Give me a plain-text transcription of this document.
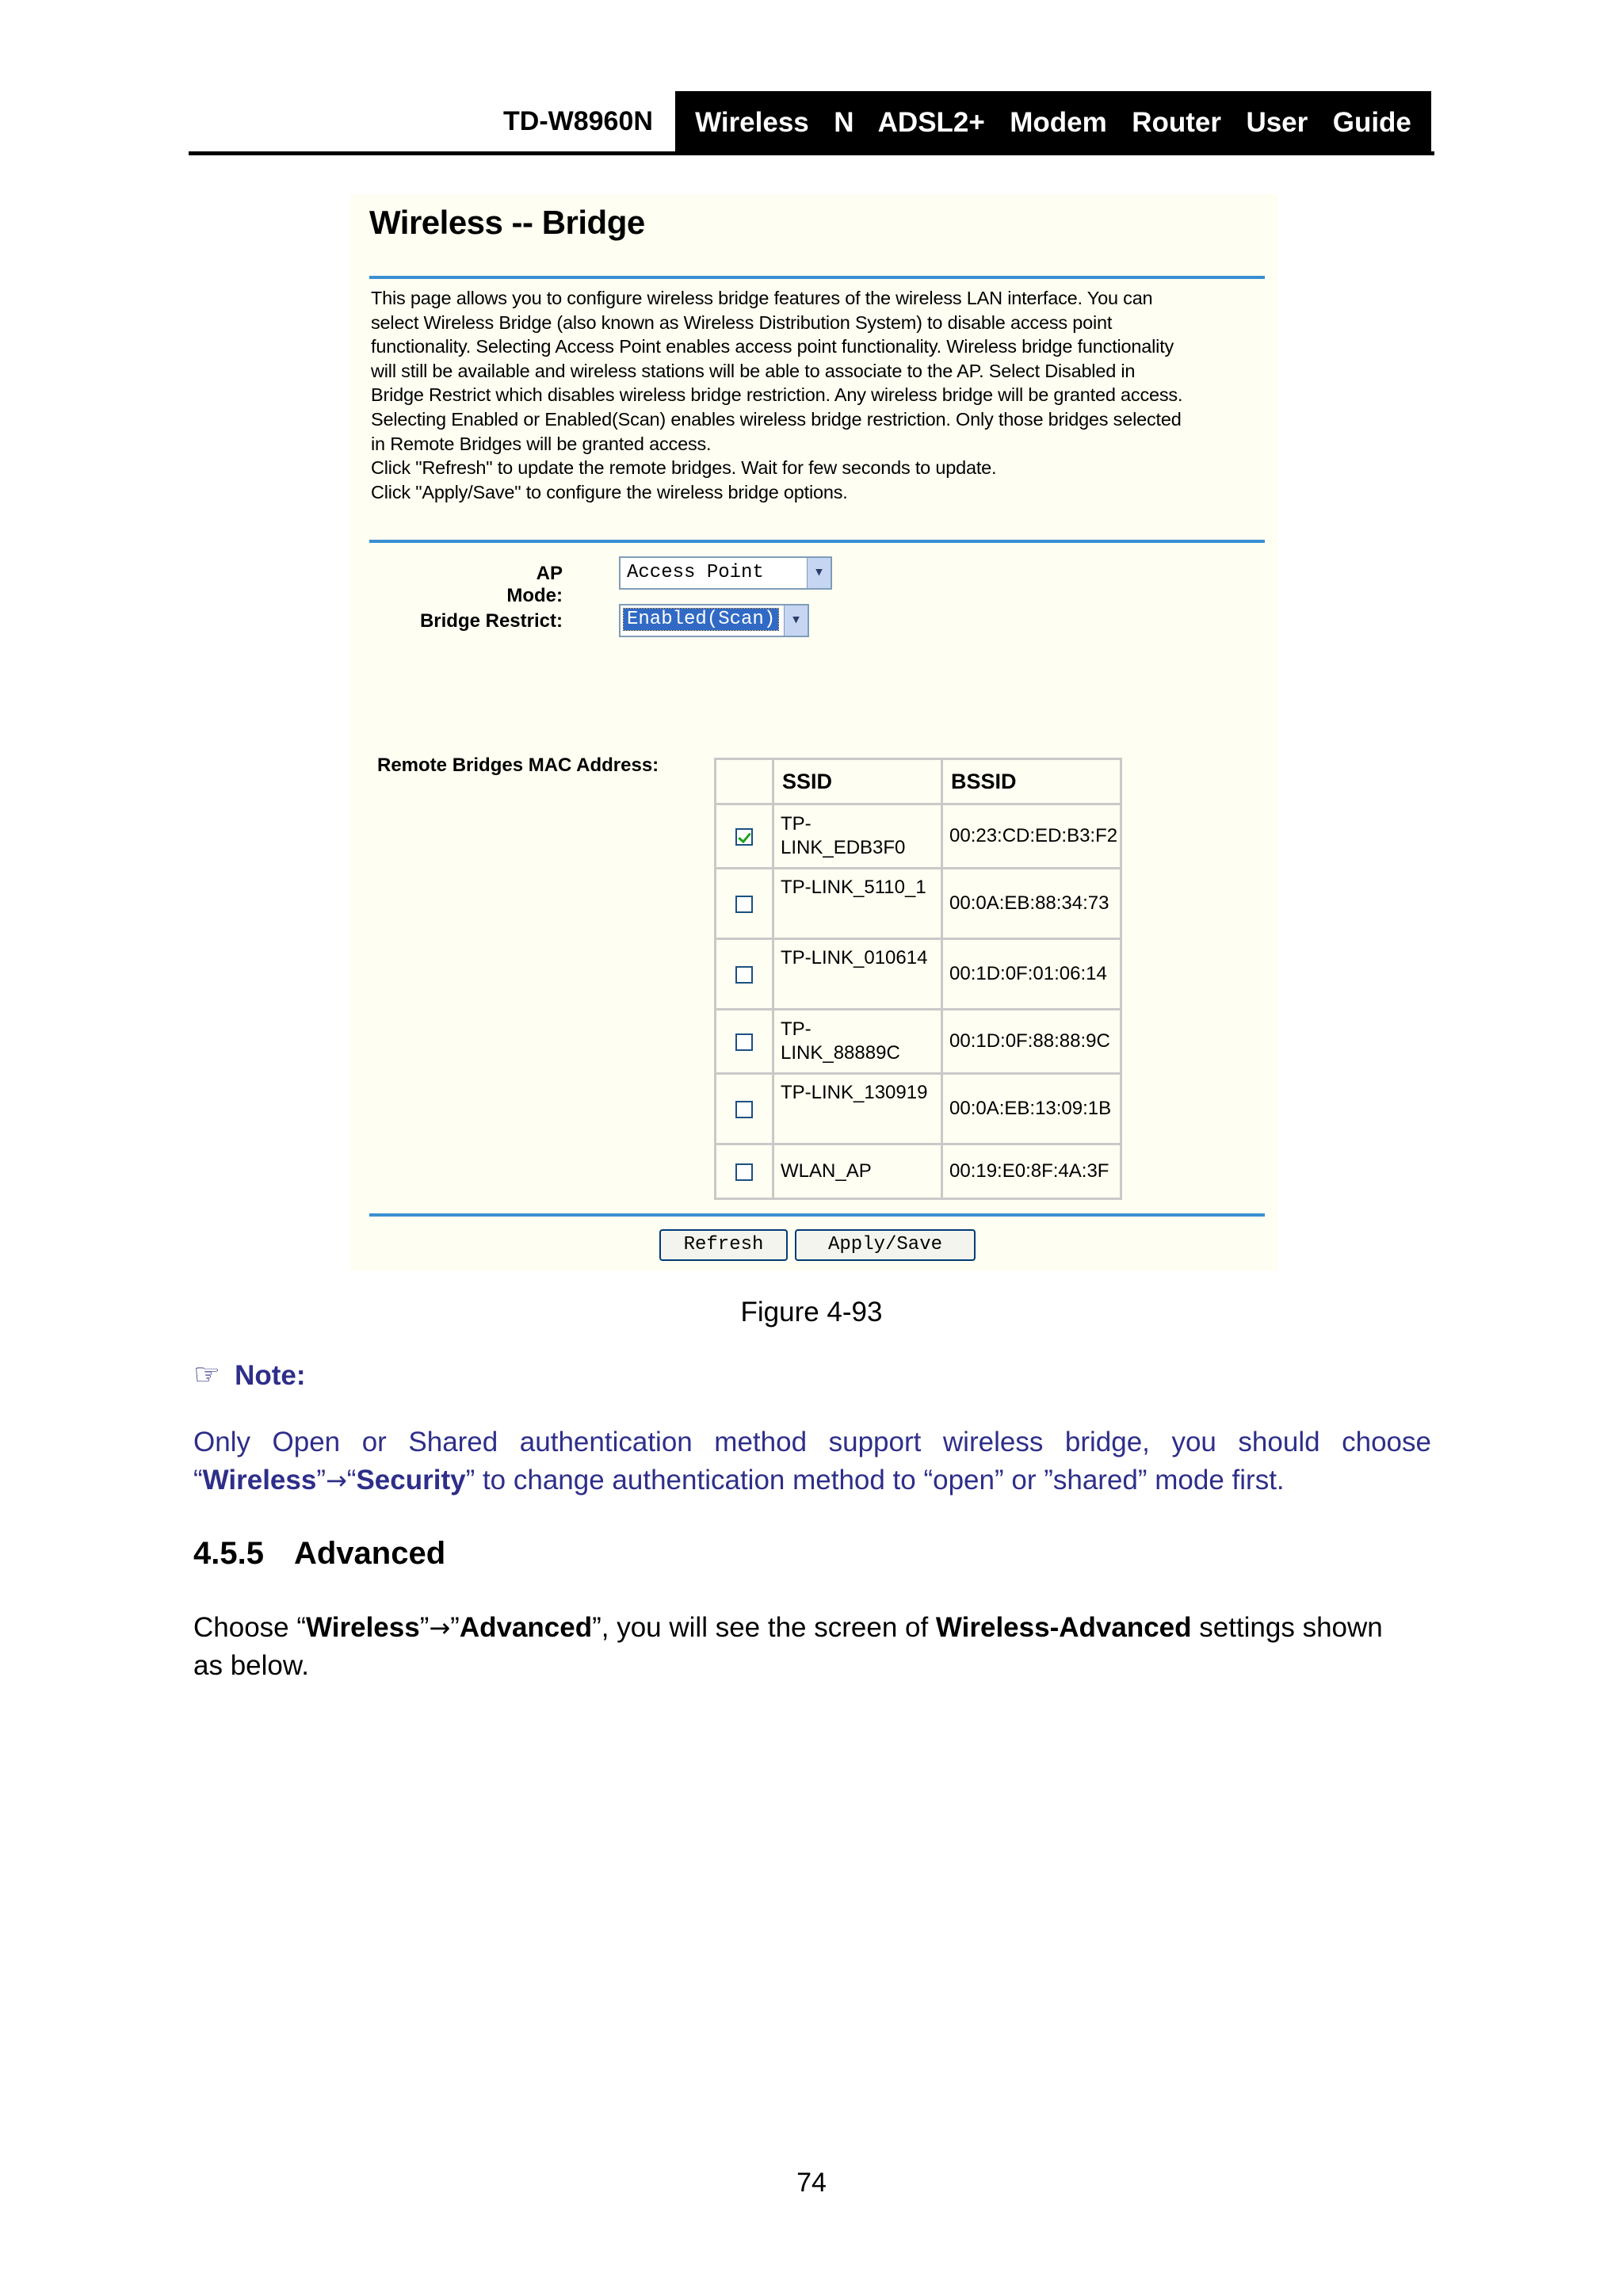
TD-W8960N	Wireless  N  ADSL2+  Modem  Router  User  Guide
Wireless -- Bridge
This page allows you to configure wireless bridge features of the wireless LAN interface. You can
select Wireless Bridge (also known as Wireless Distribution System) to disable access point
functionality. Selecting Access Point enables access point functionality. Wireless bridge functionality
will still be available and wireless stations will be able to associate to the AP. Select Disabled in
Bridge Restrict which disables wireless bridge restriction. Any wireless bridge will be granted access.
Selecting Enabled or Enabled(Scan) enables wireless bridge restriction. Only those bridges selected
in Remote Bridges will be granted access.
Click "Refresh" to update the remote bridges. Wait for few seconds to update.
Click "Apply/Save" to configure the wireless bridge options.
AP Mode:
Access Point	▾
Bridge Restrict:	Enabled(Scan) ▾
Remote Bridges MAC Address:
	SSID	BSSID
	TP-
LINK_EDB3F0	00:23:CD:ED:B3:F2
	TP-LINK_5110_1	00:0A:EB:88:34:73
	TP-LINK_010614	00:1D:0F:01:06:14
	TP-
LINK_88889C	00:1D:0F:88:88:9C
	TP-LINK_130919	00:0A:EB:13:09:1B
	WLAN_AP	00:19:E0:8F:4A:3F
Refresh	Apply/Save
Figure 4-93
☞ Note:
Only Open or Shared authentication method support wireless bridge, you should choose
“Wireless”→“Security” to change authentication method to “open” or ”shared” mode first.
4.5.5 Advanced
Choose “Wireless”→”Advanced”, you will see the screen of Wireless-Advanced settings shown
as below.
74
